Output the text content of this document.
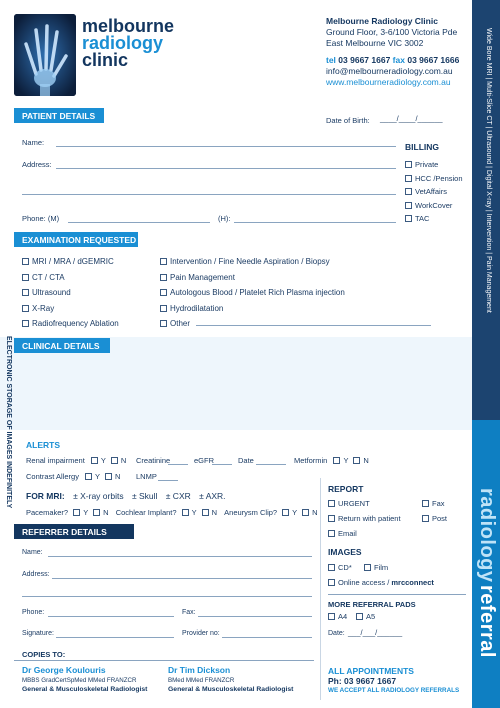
Wide Bore MRI | Multi-Slice CT | Ultrasound | Digital X-ray | Intervention | Pain Management
radiology
referral
melbourne
radiology
clinic
Melbourne Radiology Clinic
Ground Floor, 3-6/100 Victoria Pde
East Melbourne VIC 3002
tel 03 9667 1667 fax 03 9667 1666
info@melbourneradiology.com.au
www.melbourneradiology.com.au
PATIENT DETAILS	Date of Birth: ____/____/______
Name:
Address:
Phone: (M)	(H):
BILLING
Private
HCC /Pension
VetAffairs
WorkCover
TAC
EXAMINATION REQUESTED
MRI / MRA / dGEMRIC
CT / CTA
Ultrasound
X-Ray
Radiofrequency Ablation
Intervention / Fine Needle Aspiration / Biopsy
Pain Management
Autologous Blood / Platelet Rich Plasma injection
Hydrodilatation
Other
CLINICAL DETAILS
ELECTRONIC STORAGE OF IMAGES INDEFINITELY ALERTS
Renal impairment Y N Creatinine	eGFR	Date	Metformin Y N
Contrast Allergy Y N LNMP
FOR MRI: ± X-ray orbits ± Skull ± CXR ± AXR.
Pacemaker? Y N Cochlear Implant? Y N Aneurysm Clip? Y N
REPORT
URGENT	Fax
Return with patient	Post
Email
IMAGES
CD*	Film
Online access / mrcconnect
MORE REFERRAL PADS
A4	A5
REFERRER DETAILS
Name:
Address:
Phone:	Fax:
Signature:	Provider no:	Date: ___/___/______
COPIES TO:
Dr George Koulouris
MBBS GradCertSpMed MMed FRANZCR
General & Musculoskeletal Radiologist
Dr Tim Dickson
BMed MMed FRANZCR
General & Musculoskeletal Radiologist
ALL APPOINTMENTS
Ph: 03 9667 1667
WE ACCEPT ALL RADIOLOGY REFERRALS
